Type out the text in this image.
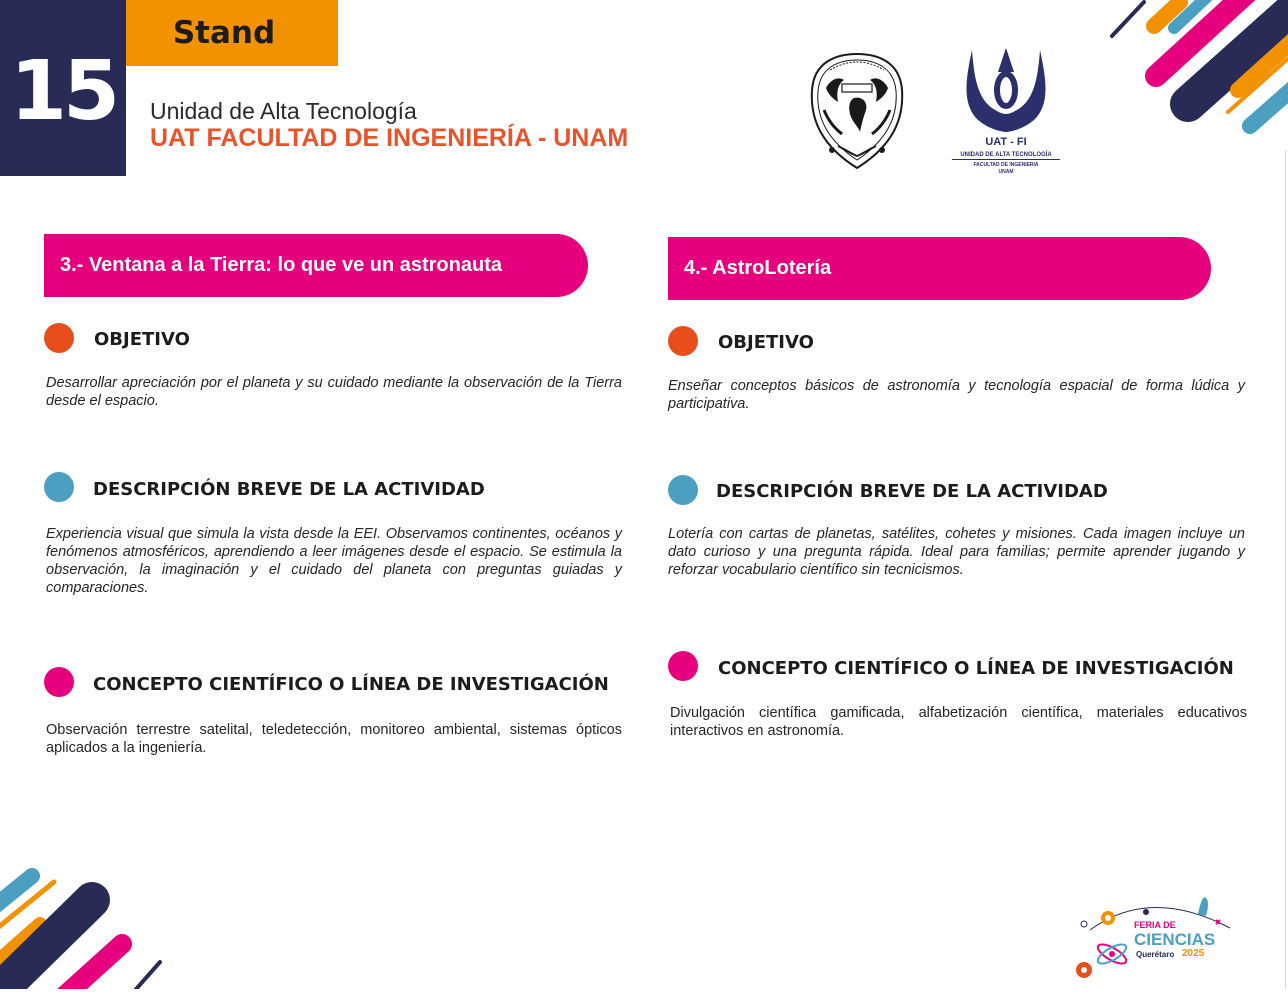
15
Stand
Unidad de Alta Tecnología
UAT FACULTAD DE INGENIERÍA - UNAM	UAT - FI
UNIDAD DE ALTA TECNOLOGÍA
FACULTAD DE INGENIERIA
UNAM
FERIA DE
CIENCIAS
Querétaro 2025
3.- Ventana a la Tierra: lo que ve un astronauta
OBJETIVO
Desarrollar apreciación por el planeta y su cuidado mediante la observación de la Tierra desde el espacio.
DESCRIPCIÓN BREVE DE LA ACTIVIDAD
Experiencia visual que simula la vista desde la EEI. Observamos continentes, océanos y fenómenos atmosféricos, aprendiendo a leer imágenes desde el espacio. Se estimula la observación, la imaginación y el cuidado del planeta con preguntas guiadas y comparaciones.
CONCEPTO CIENTÍFICO O LÍNEA DE INVESTIGACIÓN
Observación terrestre satelital, teledetección, monitoreo ambiental, sistemas ópticos aplicados a la ingeniería.
4.- AstroLotería
OBJETIVO
Enseñar conceptos básicos de astronomía y tecnología espacial de forma lúdica y participativa.
DESCRIPCIÓN BREVE DE LA ACTIVIDAD
Lotería con cartas de planetas, satélites, cohetes y misiones. Cada imagen incluye un dato curioso y una pregunta rápida. Ideal para familias; permite aprender jugando y reforzar vocabulario científico sin tecnicismos.
CONCEPTO CIENTÍFICO O LÍNEA DE INVESTIGACIÓN
Divulgación científica gamificada, alfabetización científica, materiales educativos interactivos en astronomía.
